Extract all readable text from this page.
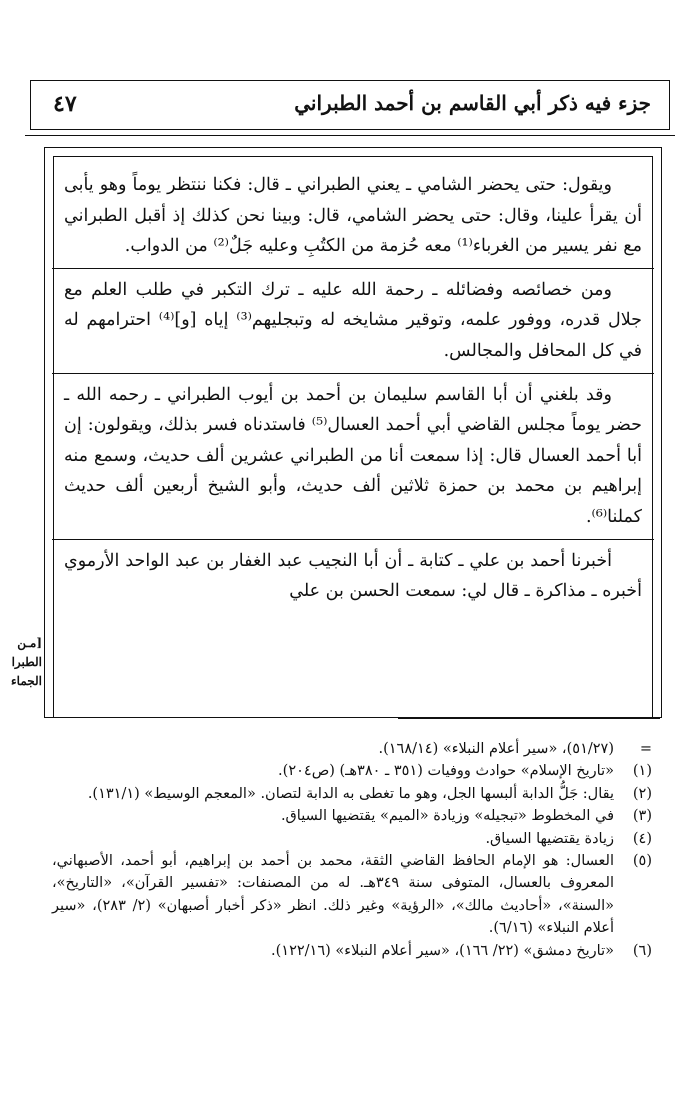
٤٧	جزء فيه ذكر أبي القاسم بن أحمد الطبراني

ويقول: حتى يحضر الشامي ـ يعني الطبراني ـ قال: فكنا ننتظر يوماً وهو يأبى أن يقرأ علينا، وقال: حتى يحضر الشامي، قال: وبينا نحن كذلك إذ أقبل الطبراني مع نفر يسير من الغرباء⁽¹⁾ معه حُزمة من الكتُبِ وعليه جَلٌ⁽²⁾ من الدواب.

ومن خصائصه وفضائله ـ رحمة الله عليه ـ ترك التكبر في طلب العلم مع جلال قدره، ووفور علمه، وتوقير مشايخه له وتبجليهم⁽³⁾ إياه [و]⁽⁴⁾ احترامهم له في كل المحافل والمجالس.

وقد بلغني أن أبا القاسم سليمان بن أحمد بن أيوب الطبراني ـ رحمه الله ـ حضر يوماً مجلس القاضي أبي أحمد العسال⁽⁵⁾ فاستدناه فسر بذلك، ويقولون: إن أبا أحمد العسال قال: إذا سمعت أنا من الطبراني عشرين ألف حديث، وسمع منه إبراهيم بن محمد بن حمزة ثلاثين ألف حديث، وأبو الشيخ أربعين ألف حديث كملنا⁽⁶⁾.

أخبرنا أحمد بن علي ـ كتابة ـ أن أبا النجيب عبد الغفار بن عبد الواحد الأرموي أخبره ـ مذاكرة ـ قال لي: سمعت الحسن بن علي

[مـن
الطبرا
الجماء
=
(٥١/٢٧)، «سير أعلام النبلاء» (١٦٨/١٤).
(١)
«تاريخ الإسلام» حوادث ووفيات (٣٥١ ـ ٣٨٠هـ) (ص٢٠٤).
(٢)
يقال: جَلُّ الدابة ألبسها الجل، وهو ما تغطى به الدابة لتصان. «المعجم الوسيط» (١٣١/١).
(٣)
في المخطوط «تبجيله» وزيادة «الميم» يقتضيها السياق.
(٤)
زيادة يقتضيها السياق.
(٥)
العسال: هو الإمام الحافظ القاضي الثقة، محمد بن أحمد بن إبراهيم، أبو أحمد، الأصبهاني، المعروف بالعسال، المتوفى سنة ٣٤٩هـ. له من المصنفات: «تفسير القرآن»، «التاريخ»، «السنة»، «أحاديث مالك»، «الرؤية» وغير ذلك. انظر «ذكر أخبار أصبهان» (٢/ ٢٨٣)، «سير أعلام النبلاء» (٦/١٦).
(٦)
«تاريخ دمشق» (٢٢/ ١٦٦)، «سير أعلام النبلاء» (١٢٢/١٦).
